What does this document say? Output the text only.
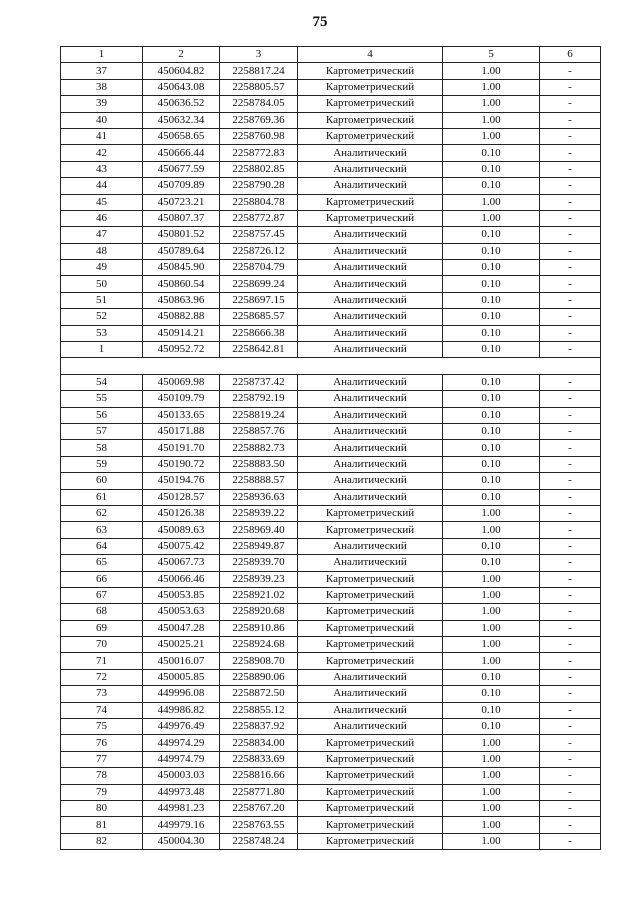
75
1	2	3	4	5	6
37	450604.82	2258817.24	Картометрический	1.00	-
38	450643.08	2258805.57	Картометрический	1.00	-
39	450636.52	2258784.05	Картометрический	1.00	-
40	450632.34	2258769.36	Картометрический	1.00	-
41	450658.65	2258760.98	Картометрический	1.00	-
42	450666.44	2258772.83	Аналитический	0.10	-
43	450677.59	2258802.85	Аналитический	0.10	-
44	450709.89	2258790.28	Аналитический	0.10	-
45	450723.21	2258804.78	Картометрический	1.00	-
46	450807.37	2258772.87	Картометрический	1.00	-
47	450801.52	2258757.45	Аналитический	0.10	-
48	450789.64	2258726.12	Аналитический	0.10	-
49	450845.90	2258704.79	Аналитический	0.10	-
50	450860.54	2258699.24	Аналитический	0.10	-
51	450863.96	2258697.15	Аналитический	0.10	-
52	450882.88	2258685.57	Аналитический	0.10	-
53	450914.21	2258666.38	Аналитический	0.10	-
1	450952.72	2258642.81	Аналитический	0.10	-

54	450069.98	2258737.42	Аналитический	0.10	-
55	450109.79	2258792.19	Аналитический	0.10	-
56	450133.65	2258819.24	Аналитический	0.10	-
57	450171.88	2258857.76	Аналитический	0.10	-
58	450191.70	2258882.73	Аналитический	0.10	-
59	450190.72	2258883.50	Аналитический	0.10	-
60	450194.76	2258888.57	Аналитический	0.10	-
61	450128.57	2258936.63	Аналитический	0.10	-
62	450126.38	2258939.22	Картометрический	1.00	-
63	450089.63	2258969.40	Картометрический	1.00	-
64	450075.42	2258949.87	Аналитический	0.10	-
65	450067.73	2258939.70	Аналитический	0.10	-
66	450066.46	2258939.23	Картометрический	1.00	-
67	450053.85	2258921.02	Картометрический	1.00	-
68	450053.63	2258920.68	Картометрический	1.00	-
69	450047.28	2258910.86	Картометрический	1.00	-
70	450025.21	2258924.68	Картометрический	1.00	-
71	450016.07	2258908.70	Картометрический	1.00	-
72	450005.85	2258890.06	Аналитический	0.10	-
73	449996.08	2258872.50	Аналитический	0.10	-
74	449986.82	2258855.12	Аналитический	0.10	-
75	449976.49	2258837.92	Аналитический	0.10	-
76	449974.29	2258834.00	Картометрический	1.00	-
77	449974.79	2258833.69	Картометрический	1.00	-
78	450003.03	2258816.66	Картометрический	1.00	-
79	449973.48	2258771.80	Картометрический	1.00	-
80	449981.23	2258767.20	Картометрический	1.00	-
81	449979.16	2258763.55	Картометрический	1.00	-
82	450004.30	2258748.24	Картометрический	1.00	-
